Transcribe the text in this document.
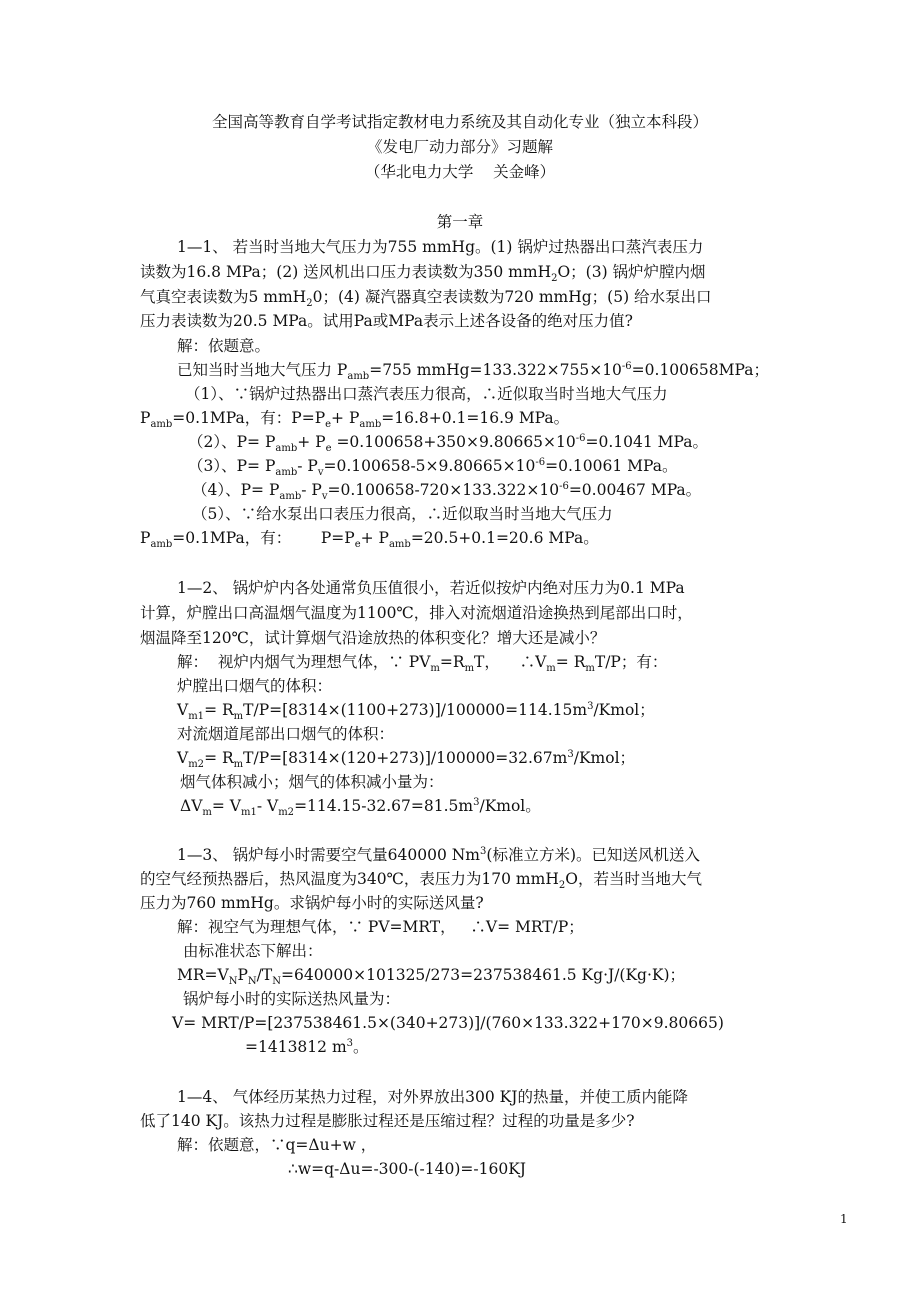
全国高等教育自学考试指定教材电力系统及其自动化专业（独立本科段）
《发电厂动力部分》习题解
（华北电力大学    关金峰）
第一章
1—1、 若当时当地大气压力为755 mmHg。(1) 锅炉过热器出口蒸汽表压力
读数为16.8 MPa；(2) 送风机出口压力表读数为350 mmH$_2$O；(3) 锅炉炉膛内烟
气真空表读数为5 mmH$_2$0；(4) 凝汽器真空表读数为720 mmHg；(5) 给水泵出口
压力表读数为20.5 MPa。试用Pa或MPa表示上述各设备的绝对压力值?
解：依题意。
已知当时当地大气压力 $P_{amb}=755$ $mmHg=133.322\times 755\times 10^{-6}=0.100658MPa$；
（1）、∵锅炉过热器出口蒸汽表压力很高，∴近似取当时当地大气压力
$P_{amb}=0.1MPa$，有：$P=P_e+ P_{amb}=16.8+0.1=16.9$ MPa。
（2）、$P= P_{amb}+ P_e =0.100658+350\times 9.80665\times 10^{-6}=0.1041$ MPa。
（3）、$P= P_{amb}-$ $P_v=0.100658-5\times 9.80665\times 10^{-6}=0.10061$ MPa。
（4）、$P= P_{amb}-$ $P_v=0.100658-720\times 133.322\times 10^{-6}=0.00467$ MPa。
（5）、∵给水泵出口表压力很高，∴近似取当时当地大气压力
$P_{amb}=0.1MPa$，有：      $P=P_e+ P_{amb}=20.5+0.1=20.6$ MPa。
1—2、 锅炉炉内各处通常负压值很小，若近似按炉内绝对压力为0.1 MPa
计算，炉膛出口高温烟气温度为1100℃，排入对流烟道沿途换热到尾部出口时，
烟温降至120℃，试计算烟气沿途放热的体积变化？增大还是减小？
解：  视炉内烟气为理想气体，∵ $PV_m=R_mT$，    $\therefore V_m= R_mT/P$；有：
炉膛出口烟气的体积：
$V_{m1}=$ $R_mT/P=[8314\times(1100+273)]/100000=114.15m^3$/Kmol；
对流烟道尾部出口烟气的体积：
$V_{m2}=$ $R_mT/P=[8314\times(120+273)]/100000=32.67m^3$/Kmol；
烟气体积减小；烟气的体积减小量为：
$\Delta V_m= V_{m1}-$ $V_{m2}=114.15-32.67=81.5m^3$/Kmol。
1—3、 锅炉每小时需要空气量640000 Nm$^3$(标准立方米)。已知送风机送入
的空气经预热器后，热风温度为340℃，表压力为170 mmH$_2$O，若当时当地大气
压力为760 mmHg。求锅炉每小时的实际送风量?
解：视空气为理想气体，∵ PV=MRT，   ∴V= MRT/P；
由标准状态下解出：
$MR=V_NP_N/T_N=640000\times 101325/273=237538461.5$ Kg·J/(Kg·K)；
锅炉每小时的实际送热风量为：
V= MRT/P=[237538461.5×(340+273)]/(760×133.322+170×9.80665)
=1413812 $m^3$。
1—4、 气体经历某热力过程，对外界放出300 KJ的热量，并使工质内能降
低了140 KJ。该热力过程是膨胀过程还是压缩过程？过程的功量是多少?
解：依题意，∵q=Δu+w ，
∴w=q-Δu=-300-(-140)=-160KJ
1
